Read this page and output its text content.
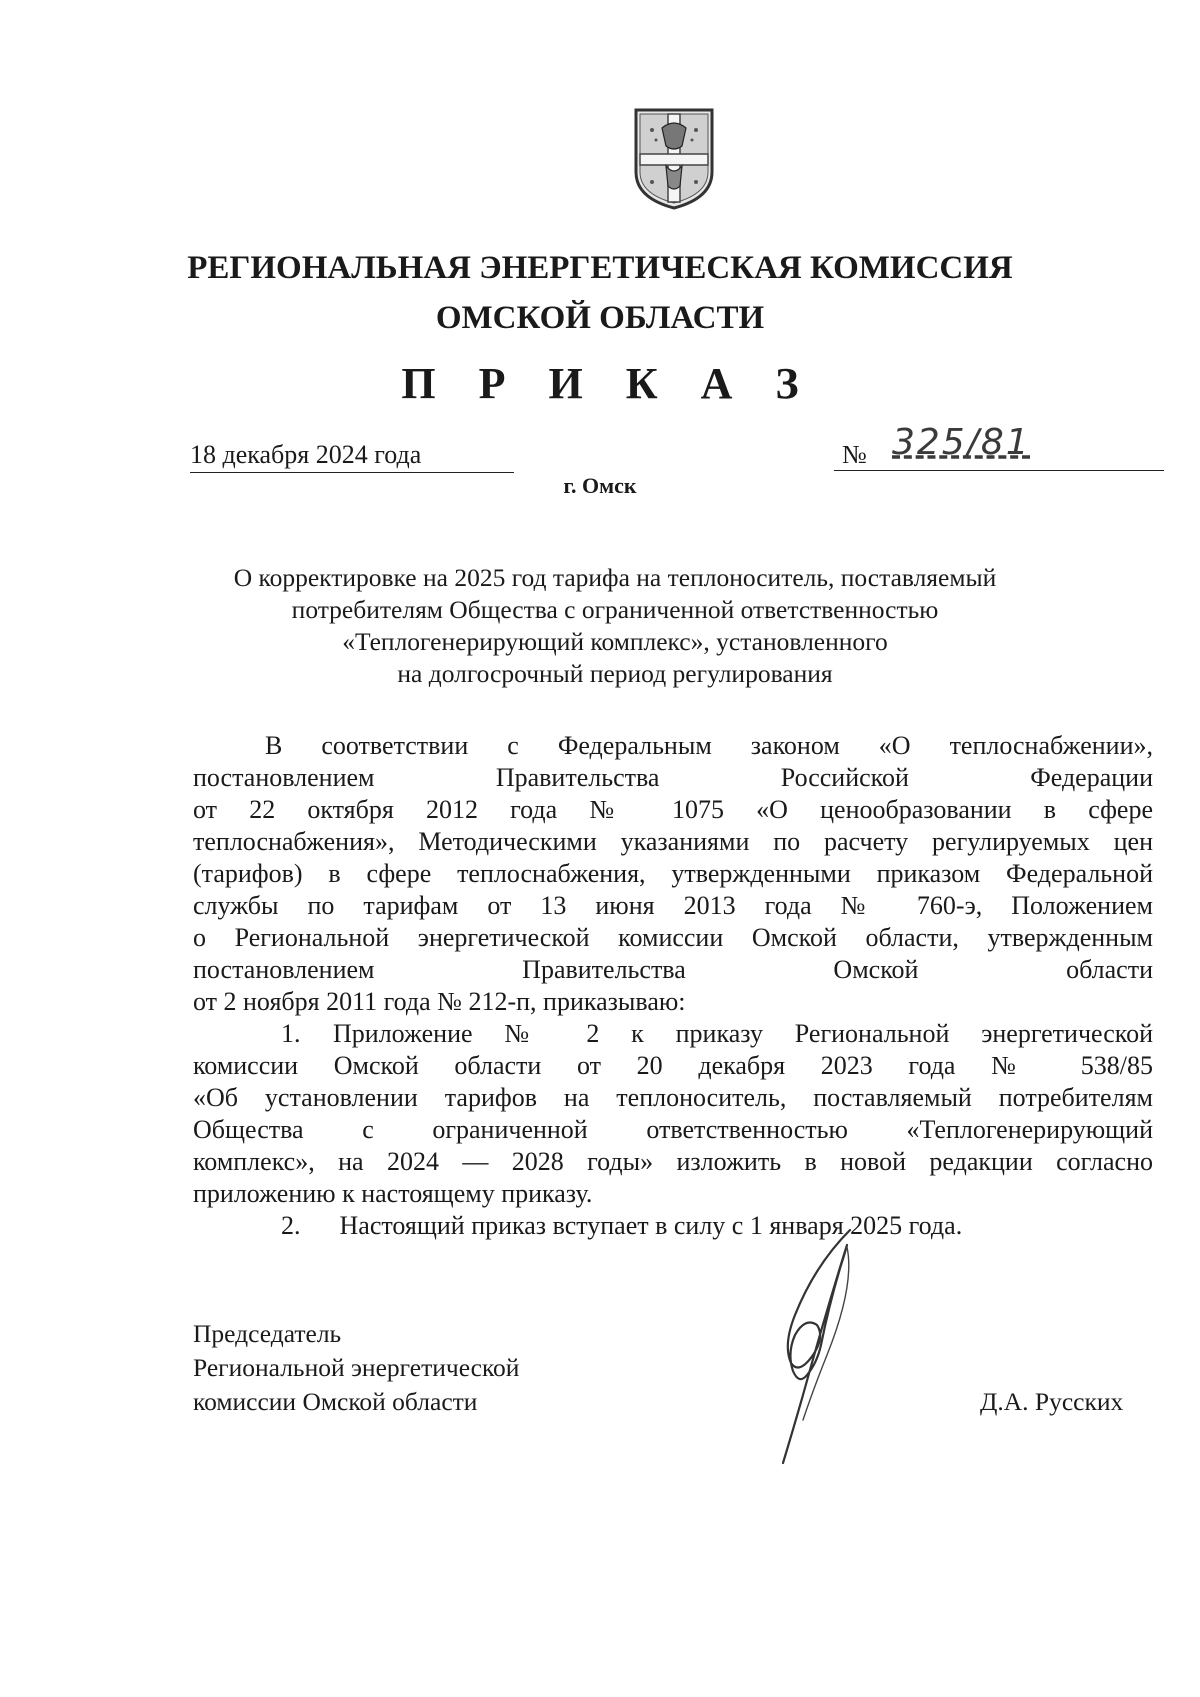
РЕГИОНАЛЬНАЯ ЭНЕРГЕТИЧЕСКАЯ КОМИССИЯ
ОМСКОЙ ОБЛАСТИ
П Р И К А З
18 декабря 2024 года	№ 325/81
г. Омск
О корректировке на 2025 год тарифа на теплоноситель, поставляемый
потребителям Общества с ограниченной ответственностью
«Теплогенерирующий комплекс», установленного
на долгосрочный период регулирования
В соответствии с Федеральным законом «О теплоснабжении»,
постановлением Правительства Российской Федерации
от 22 октября 2012 года № 1075 «О ценообразовании в сфере
теплоснабжения», Методическими указаниями по расчету регулируемых цен
(тарифов) в сфере теплоснабжения, утвержденными приказом Федеральной
службы по тарифам от 13 июня 2013 года № 760-э, Положением
о Региональной энергетической комиссии Омской области, утвержденным
постановлением Правительства Омской области
от 2 ноября 2011 года № 212-п, приказываю:
1.	Приложение № 2 к приказу Региональной энергетической
комиссии Омской области от 20 декабря 2023 года № 538/85
«Об установлении тарифов на теплоноситель, поставляемый потребителям
Общества с ограниченной ответственностью «Теплогенерирующий
комплекс», на 2024 — 2028 годы» изложить в новой редакции согласно
приложению к настоящему приказу.
2. Настоящий приказ вступает в силу с 1 января 2025 года.
Председатель
Региональной энергетической
комиссии Омской области	Д.А. Русских
